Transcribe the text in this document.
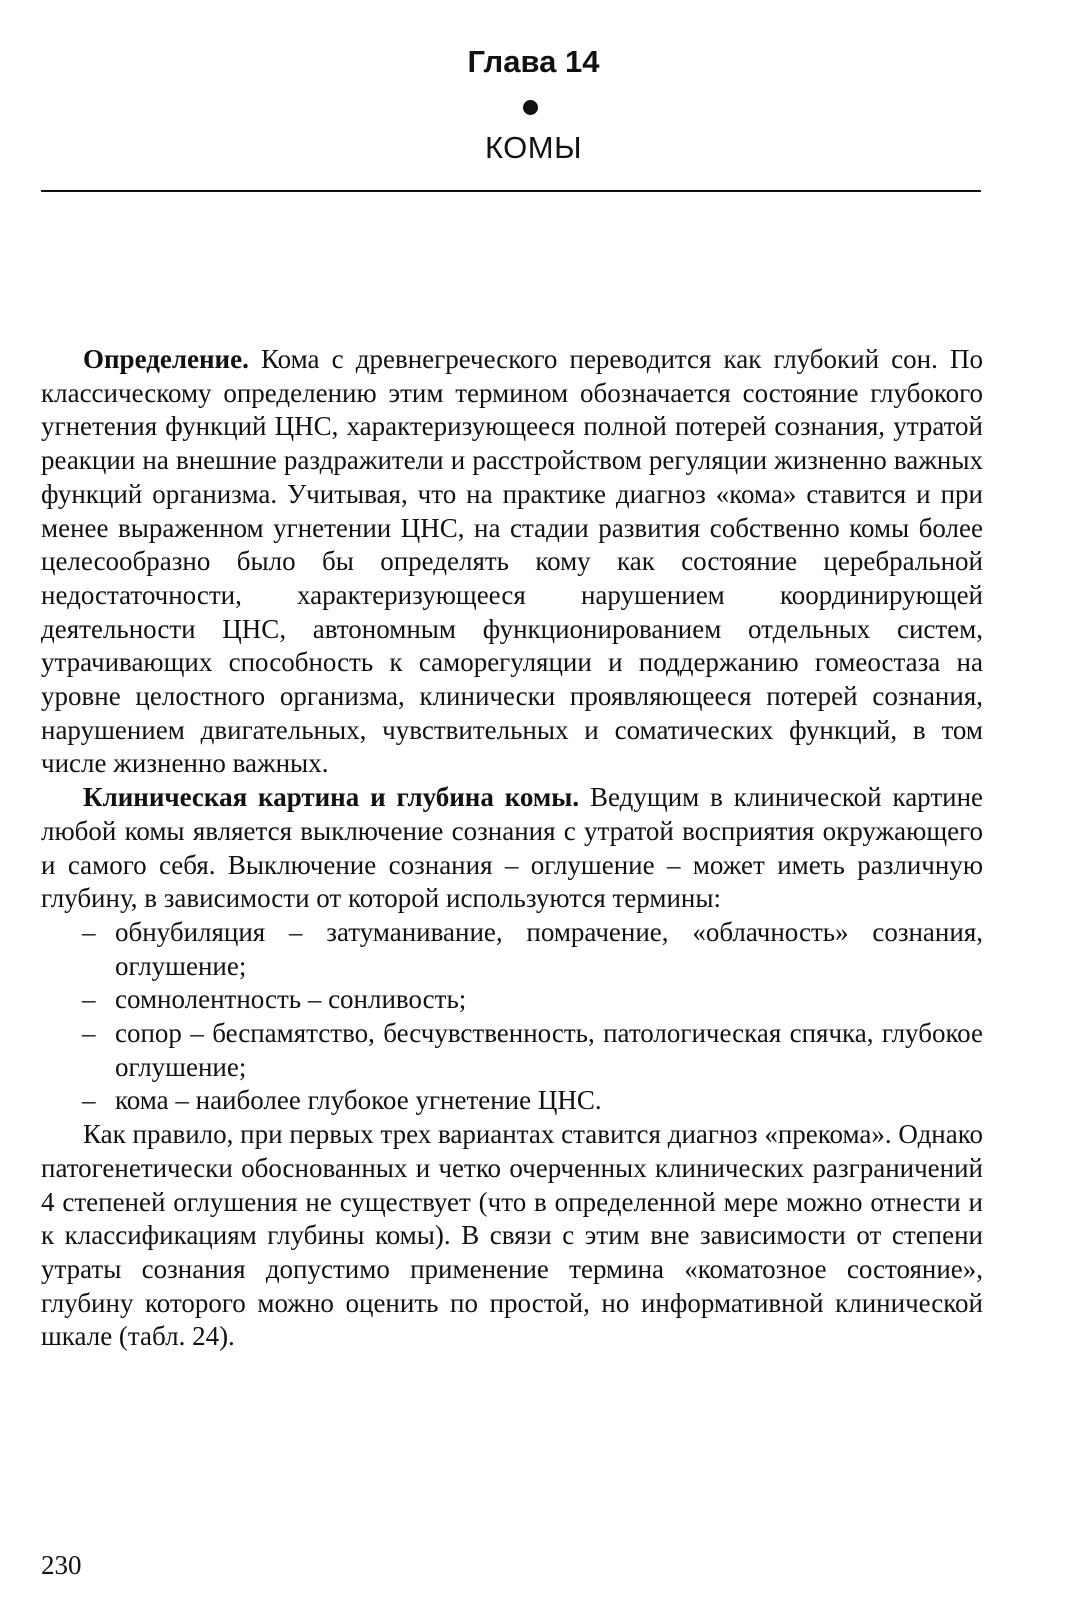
Глава 14
КОМЫ

Определение. Кома с древнегреческого переводится как глубокий сон. По классическому определению этим термином обозначается состояние глубокого угнетения функций ЦНС, характеризующееся полной потерей сознания, утратой реакции на внешние раздражители и расстройством регуляции жизненно важных функций организма. Учитывая, что на практике диагноз «кома» ставится и при менее выраженном угнетении ЦНС, на стадии развития собственно комы более целесообразно было бы определять кому как состояние церебральной недостаточности, характеризующееся нарушением координирующей деятельности ЦНС, автономным функционированием отдельных систем, утрачивающих способность к саморегуляции и поддержанию гомеостаза на уровне целостного организма, клинически проявляющееся потерей сознания, нарушением двигательных, чувствительных и соматических функций, в том числе жизненно важных.

Клиническая картина и глубина комы. Ведущим в клинической картине любой комы является выключение сознания с утратой восприятия окружающего и самого себя. Выключение сознания – оглушение – может иметь различную глубину, в зависимости от которой используются термины:

– обнубиляция – затуманивание, помрачение, «облачность» сознания, оглушение;
– сомнолентность – сонливость;
– сопор – беспамятство, бесчувственность, патологическая спячка, глубокое оглушение;
– кома – наиболее глубокое угнетение ЦНС.

Как правило, при первых трех вариантах ставится диагноз «прекома». Однако патогенетически обоснованных и четко очерченных клинических разграничений 4 степеней оглушения не существует (что в определенной мере можно отнести и к классификациям глубины комы). В связи с этим вне зависимости от степени утраты сознания допустимо применение термина «коматозное состояние», глубину которого можно оценить по простой, но информативной клинической шкале (табл. 24).

230
